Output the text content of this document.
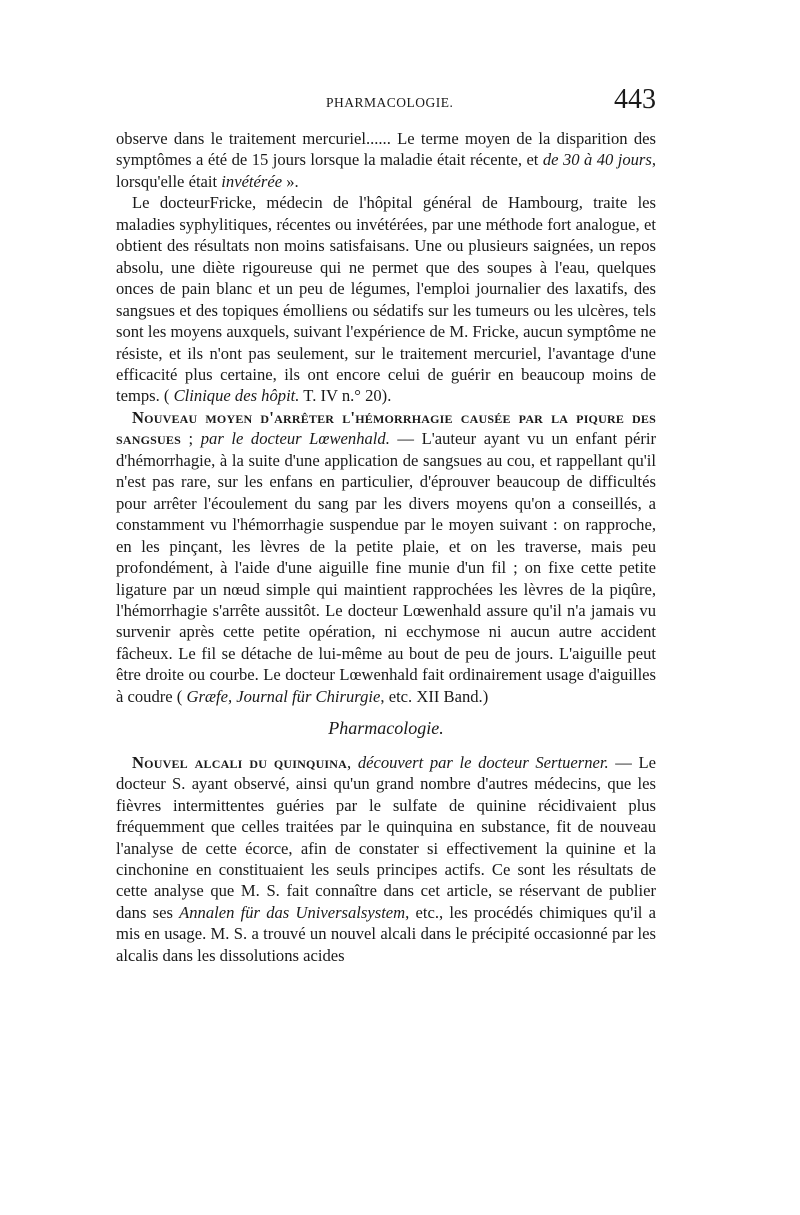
PHARMACOLOGIE.	443

observe dans le traitement mercuriel...... Le terme moyen de la disparition des symptômes a été de 15 jours lorsque la maladie était récente, et de 30 à 40 jours, lorsqu'elle était invétérée ».

Le docteurFricke, médecin de l'hôpital général de Hambourg, traite les maladies syphylitiques, récentes ou invétérées, par une méthode fort analogue, et obtient des résultats non moins satisfaisans. Une ou plusieurs saignées, un repos absolu, une diète rigoureuse qui ne permet que des soupes à l'eau, quelques onces de pain blanc et un peu de légumes, l'emploi journalier des laxatifs, des sangsues et des topiques émolliens ou sédatifs sur les tumeurs ou les ulcères, tels sont les moyens auxquels, suivant l'expérience de M. Fricke, aucun symptôme ne résiste, et ils n'ont pas seulement, sur le traitement mercuriel, l'avantage d'une efficacité plus certaine, ils ont encore celui de guérir en beaucoup moins de temps. ( Clinique des hôpit. T. IV n.° 20).

Nouveau moyen d'arrêter l'hémorrhagie causée par la piqure des sangsues ; par le docteur Lœwenhald. — L'auteur ayant vu un enfant périr d'hémorrhagie, à la suite d'une application de sangsues au cou, et rappellant qu'il n'est pas rare, sur les enfans en particulier, d'éprouver beaucoup de difficultés pour arrêter l'écoulement du sang par les divers moyens qu'on a conseillés, a constamment vu l'hémorrhagie suspendue par le moyen suivant : on rapproche, en les pinçant, les lèvres de la petite plaie, et on les traverse, mais peu profondément, à l'aide d'une aiguille fine munie d'un fil ; on fixe cette petite ligature par un nœud simple qui maintient rapprochées les lèvres de la piqûre, l'hémorrhagie s'arrête aussitôt. Le docteur Lœwenhald assure qu'il n'a jamais vu survenir après cette petite opération, ni ecchymose ni aucun autre accident fâcheux. Le fil se détache de lui-même au bout de peu de jours. L'aiguille peut être droite ou courbe. Le docteur Lœwenhald fait ordinairement usage d'aiguilles à coudre ( Græfe, Journal für Chirurgie, etc. XII Band.)

Pharmacologie.

Nouvel alcali du quinquina, découvert par le docteur Sertuerner. — Le docteur S. ayant observé, ainsi qu'un grand nombre d'autres médecins, que les fièvres intermittentes guéries par le sulfate de quinine récidivaient plus fréquemment que celles traitées par le quinquina en substance, fit de nouveau l'analyse de cette écorce, afin de constater si effectivement la quinine et la cinchonine en constituaient les seuls principes actifs. Ce sont les résultats de cette analyse que M. S. fait connaître dans cet article, se réservant de publier dans ses Annalen für das Universalsystem, etc., les procédés chimiques qu'il a mis en usage. M. S. a trouvé un nouvel alcali dans le précipité occasionné par les alcalis dans les dissolutions acides
